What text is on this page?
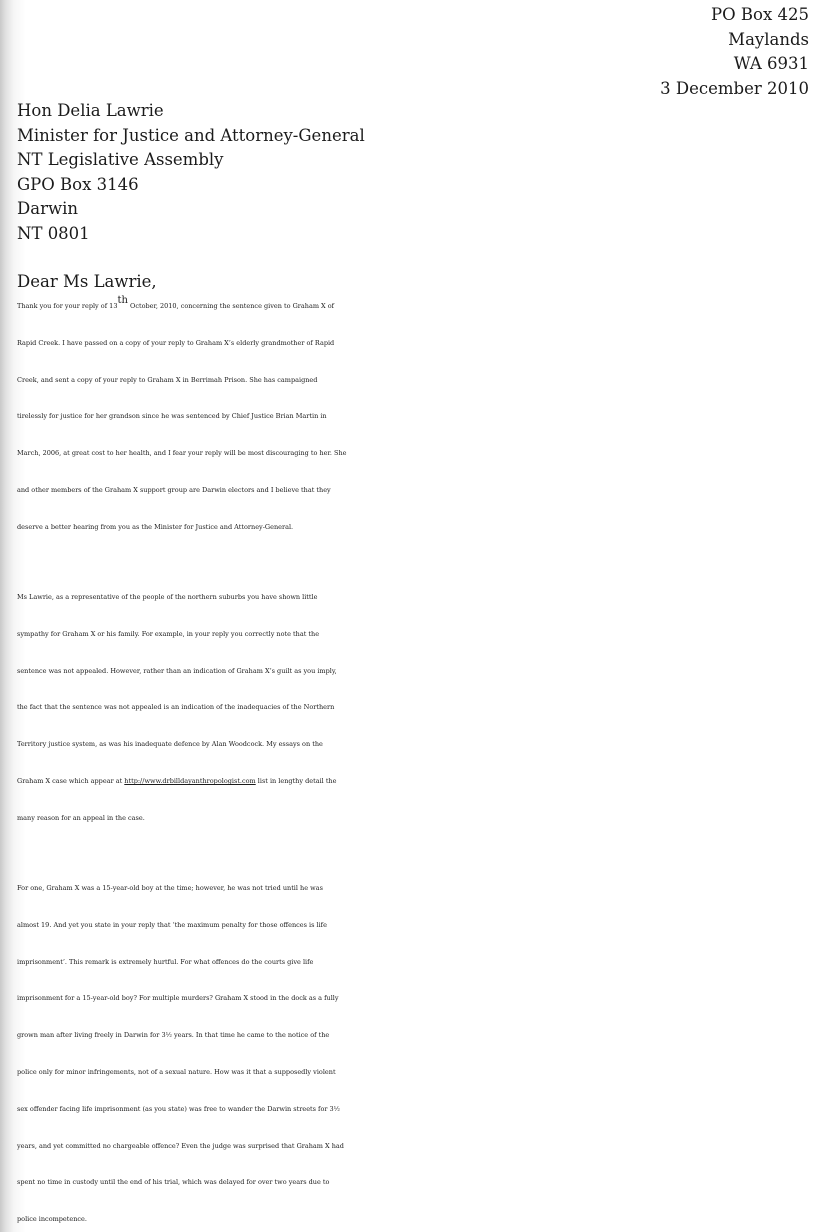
PO Box 425
Maylands
WA 6931
3 December 2010
Hon Delia Lawrie
Minister for Justice and Attorney-General
NT Legislative Assembly
GPO Box 3146
Darwin
NT 0801
Dear Ms Lawrie,
Thank you for your reply of 13th October, 2010, concerning the sentence given to Graham X of
Rapid Creek. I have passed on a copy of your reply to Graham X’s elderly grandmother of Rapid
Creek, and sent a copy of your reply to Graham X in Berrimah Prison. She has campaigned
tirelessly for justice for her grandson since he was sentenced by Chief Justice Brian Martin in
March, 2006, at great cost to her health, and I fear your reply will be most discouraging to her. She
and other members of the Graham X support group are Darwin electors and I believe that they
deserve a better hearing from you as the Minister for Justice and Attorney-General.
Ms Lawrie, as a representative of the people of the northern suburbs you have shown little
sympathy for Graham X or his family. For example, in your reply you correctly note that the
sentence was not appealed. However, rather than an indication of Graham X’s guilt as you imply,
the fact that the sentence was not appealed is an indication of the inadequacies of the Northern
Territory justice system, as was his inadequate defence by Alan Woodcock. My essays on the
Graham X case which appear at http://www.drbilldayanthropologist.com list in lengthy detail the
many reason for an appeal in the case.
For one, Graham X was a 15-year-old boy at the time; however, he was not tried until he was
almost 19. And yet you state in your reply that ‘the maximum penalty for those offences is life
imprisonment’. This remark is extremely hurtful. For what offences do the courts give life
imprisonment for a 15-year-old boy? For multiple murders? Graham X stood in the dock as a fully
grown man after living freely in Darwin for 3½ years. In that time he came to the notice of the
police only for minor infringements, not of a sexual nature. How was it that a supposedly violent
sex offender facing life imprisonment (as you state) was free to wander the Darwin streets for 3½
years, and yet committed no chargeable offence? Even the judge was surprised that Graham X had
spent no time in custody until the end of his trial, which was delayed for over two years due to
police incompetence.
